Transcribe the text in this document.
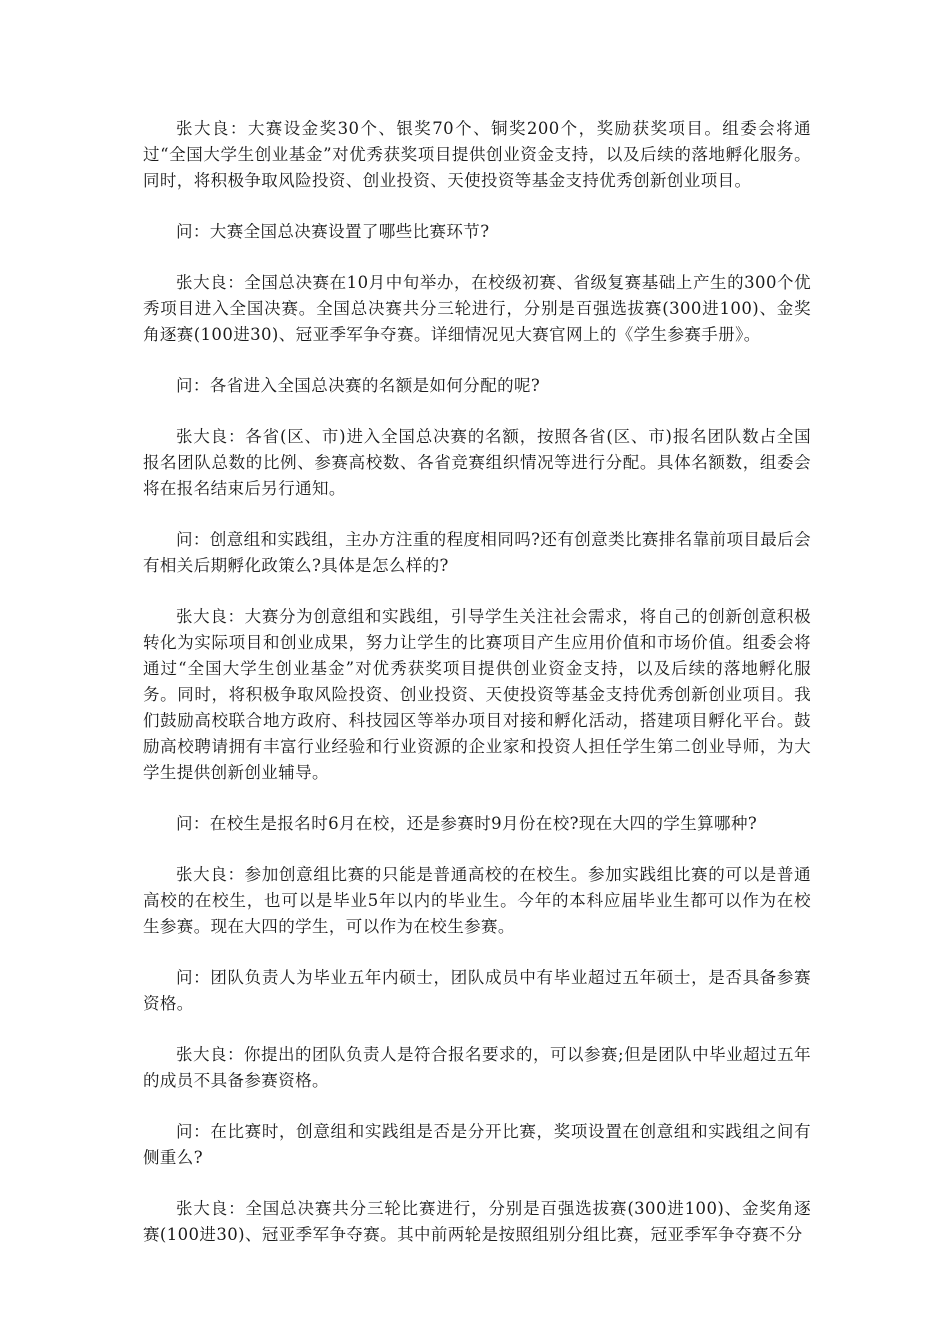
张大良：大赛设金奖30个、银奖70个、铜奖200个，奖励获奖项目。组委会将通过“全国大学生创业基金”对优秀获奖项目提供创业资金支持，以及后续的落地孵化服务。同时，将积极争取风险投资、创业投资、天使投资等基金支持优秀创新创业项目。

问：大赛全国总决赛设置了哪些比赛环节?

张大良：全国总决赛在10月中旬举办，在校级初赛、省级复赛基础上产生的300个优秀项目进入全国决赛。全国总决赛共分三轮进行，分别是百强选拔赛(300进100)、金奖角逐赛(100进30)、冠亚季军争夺赛。详细情况见大赛官网上的《学生参赛手册》。

问：各省进入全国总决赛的名额是如何分配的呢?

张大良：各省(区、市)进入全国总决赛的名额，按照各省(区、市)报名团队数占全国报名团队总数的比例、参赛高校数、各省竞赛组织情况等进行分配。具体名额数，组委会将在报名结束后另行通知。

问：创意组和实践组，主办方注重的程度相同吗?还有创意类比赛排名靠前项目最后会有相关后期孵化政策么?具体是怎么样的?

张大良：大赛分为创意组和实践组，引导学生关注社会需求，将自己的创新创意积极转化为实际项目和创业成果，努力让学生的比赛项目产生应用价值和市场价值。组委会将通过“全国大学生创业基金”对优秀获奖项目提供创业资金支持，以及后续的落地孵化服务。同时，将积极争取风险投资、创业投资、天使投资等基金支持优秀创新创业项目。我们鼓励高校联合地方政府、科技园区等举办项目对接和孵化活动，搭建项目孵化平台。鼓励高校聘请拥有丰富行业经验和行业资源的企业家和投资人担任学生第二创业导师，为大学生提供创新创业辅导。

问：在校生是报名时6月在校，还是参赛时9月份在校?现在大四的学生算哪种?

张大良：参加创意组比赛的只能是普通高校的在校生。参加实践组比赛的可以是普通高校的在校生，也可以是毕业5年以内的毕业生。今年的本科应届毕业生都可以作为在校生参赛。现在大四的学生，可以作为在校生参赛。

问：团队负责人为毕业五年内硕士，团队成员中有毕业超过五年硕士，是否具备参赛资格。

张大良：你提出的团队负责人是符合报名要求的，可以参赛;但是团队中毕业超过五年的成员不具备参赛资格。

问：在比赛时，创意组和实践组是否是分开比赛，奖项设置在创意组和实践组之间有侧重么?

张大良：全国总决赛共分三轮比赛进行，分别是百强选拔赛(300进100)、金奖角逐赛(100进30)、冠亚季军争夺赛。其中前两轮是按照组别分组比赛，冠亚季军争夺赛不分
